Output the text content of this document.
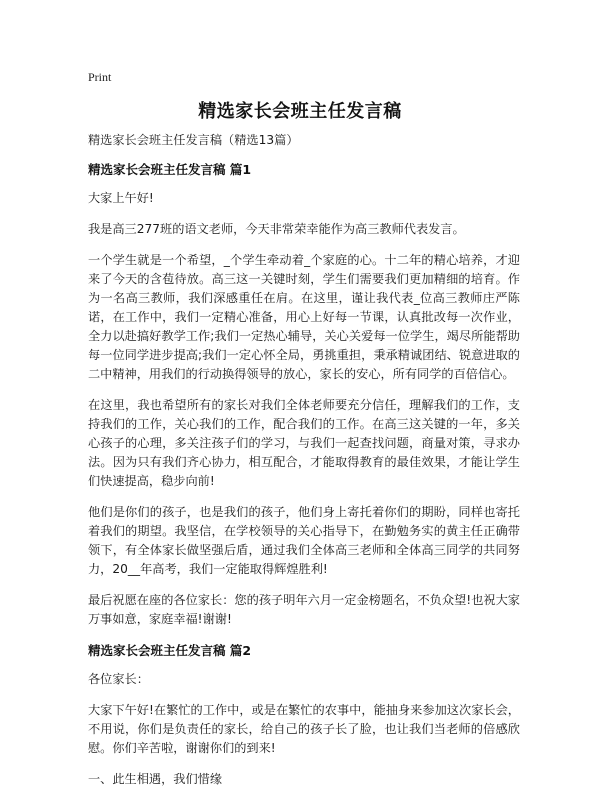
Print
精选家长会班主任发言稿

精选家长会班主任发言稿（精选13篇）

精选家长会班主任发言稿 篇1

大家上午好!

我是高三277班的语文老师，今天非常荣幸能作为高三教师代表发言。

一个学生就是一个希望，_个学生牵动着_个家庭的心。十二年的精心培养，才迎来了今天的含苞待放。高三这一关键时刻，学生们需要我们更加精细的培育。作为一名高三教师，我们深感重任在肩。在这里，谨让我代表_位高三教师庄严陈诺，在工作中，我们一定精心准备，用心上好每一节课，认真批改每一次作业，全力以赴搞好教学工作;我们一定热心辅导，关心关爱每一位学生，竭尽所能帮助每一位同学进步提高;我们一定心怀全局，勇挑重担，秉承精诚团结、锐意进取的二中精神，用我们的行动换得领导的放心，家长的安心，所有同学的百倍信心。

在这里，我也希望所有的家长对我们全体老师要充分信任，理解我们的工作，支持我们的工作，关心我们的工作，配合我们的工作。在高三这关键的一年，多关心孩子的心理，多关注孩子们的学习，与我们一起查找问题，商量对策，寻求办法。因为只有我们齐心协力，相互配合，才能取得教育的最佳效果，才能让学生们快速提高，稳步向前!

他们是你们的孩子，也是我们的孩子，他们身上寄托着你们的期盼，同样也寄托着我们的期望。我坚信，在学校领导的关心指导下，在勤勉务实的黄主任正确带领下，有全体家长做坚强后盾，通过我们全体高三老师和全体高三同学的共同努力，20__年高考，我们一定能取得辉煌胜利!

最后祝愿在座的各位家长：您的孩子明年六月一定金榜题名，不负众望!也祝大家万事如意，家庭幸福!谢谢!

精选家长会班主任发言稿 篇2

各位家长：

大家下午好!在繁忙的工作中，或是在繁忙的农事中，能抽身来参加这次家长会，不用说，你们是负责任的家长，给自己的孩子长了脸，也让我们当老师的倍感欣慰。你们辛苦啦，谢谢你们的到来!

一、此生相遇，我们惜缘
